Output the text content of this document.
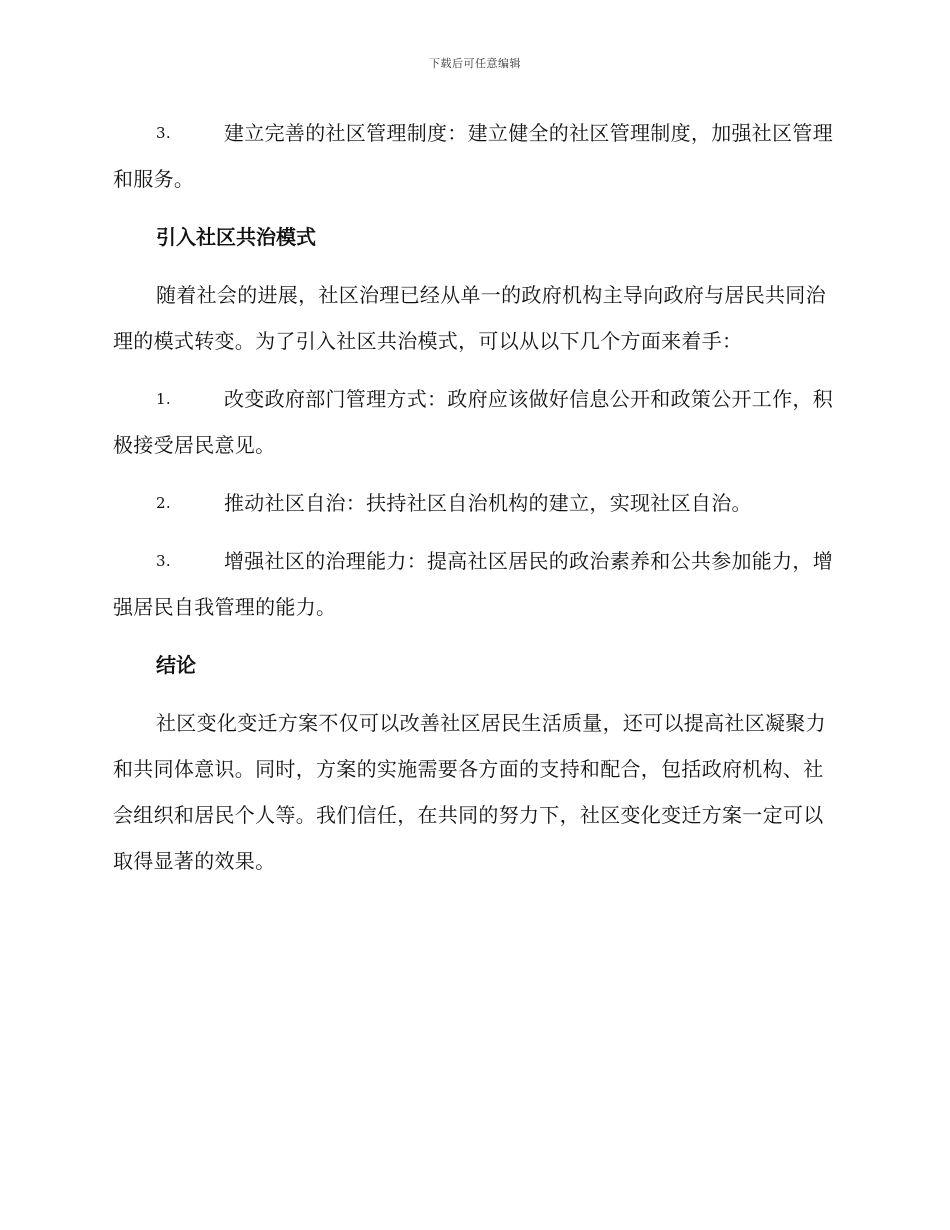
下载后可任意编辑
3.	建立完善的社区管理制度：建立健全的社区管理制度，加强社区管理和服务。
引入社区共治模式
随着社会的进展，社区治理已经从单一的政府机构主导向政府与居民共同治理的模式转变。为了引入社区共治模式，可以从以下几个方面来着手：
1.	改变政府部门管理方式：政府应该做好信息公开和政策公开工作，积极接受居民意见。
2.	推动社区自治：扶持社区自治机构的建立，实现社区自治。
3.	增强社区的治理能力：提高社区居民的政治素养和公共参加能力，增强居民自我管理的能力。
结论
社区变化变迁方案不仅可以改善社区居民生活质量，还可以提高社区凝聚力和共同体意识。同时，方案的实施需要各方面的支持和配合，包括政府机构、社会组织和居民个人等。我们信任，在共同的努力下，社区变化变迁方案一定可以取得显著的效果。
